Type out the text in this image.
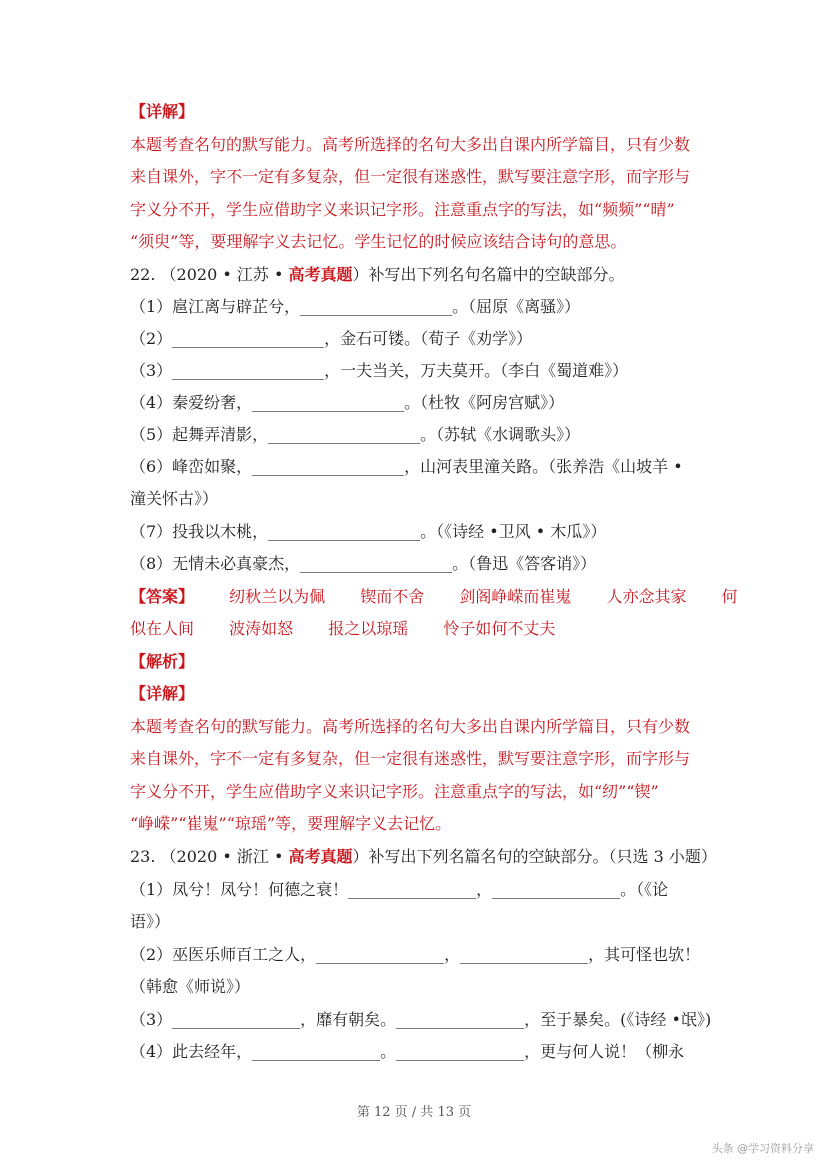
【详解】
本题考查名句的默写能力。高考所选择的名句大多出自课内所学篇目，只有少数
来自课外，字不一定有多复杂，但一定很有迷惑性，默写要注意字形，而字形与
字义分不开，学生应借助字义来识记字形。注意重点字的写法，如“频频”“晴”
“须臾”等，要理解字义去记忆。学生记忆的时候应该结合诗句的意思。
22. （2020 • 江苏 • 高考真题）补写出下列名句名篇中的空缺部分。
（1）扈江离与辟芷兮，___________________。（屈原《离骚》）
（2）___________________，金石可镂。（荀子《劝学》）
（3）___________________，一夫当关，万夫莫开。（李白《蜀道难》）
（4）秦爱纷奢，___________________。（杜牧《阿房宫赋》）
（5）起舞弄清影，___________________。（苏轼《水调歌头》）
（6）峰峦如聚，___________________，山河表里潼关路。（张养浩《山坡羊 •
潼关怀古》）
（7）投我以木桃，___________________。（《诗经 •卫风 • 木瓜》）
（8）无情未必真豪杰，___________________。（鲁迅《答客诮》）
【答案】 纫秋兰以为佩 锲而不舍 剑阁峥嵘而崔嵬 人亦念其家 何
似在人间 波涛如怒 报之以琼瑶 怜子如何不丈夫
【解析】
【详解】
本题考查名句的默写能力。高考所选择的名句大多出自课内所学篇目，只有少数
来自课外，字不一定有多复杂，但一定很有迷惑性，默写要注意字形，而字形与
字义分不开，学生应借助字义来识记字形。注意重点字的写法，如“纫”“锲”
“峥嵘”“崔嵬”“琼瑶”等，要理解字义去记忆。
23. （2020 • 浙江 • 高考真题）补写出下列名篇名句的空缺部分。（只选 3 小题）
（1）凤兮！凤兮！何德之衰！________________，________________。（《论
语》）
（2）巫医乐师百工之人，________________，________________，其可怪也欤！
（韩愈《师说》）
（3）________________，靡有朝矣。________________，至于暴矣。(《诗经 •氓》)
（4）此去经年，________________。________________，更与何人说！（柳永
第 12 页 / 共 13 页
头条 @学习资料分享
